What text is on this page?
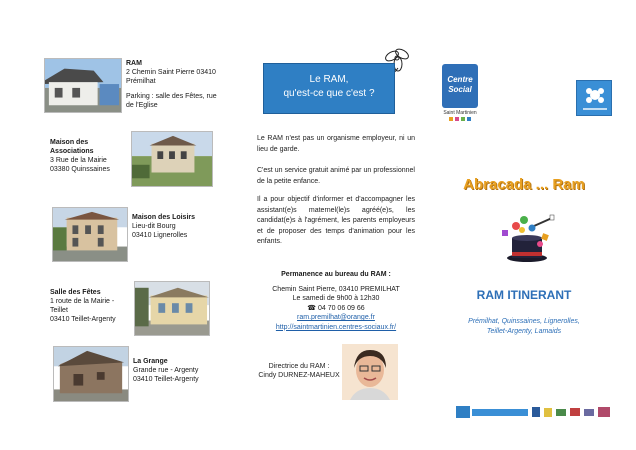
RAM
2 Chemin Saint Pierre 03410
Prémilhat
Parking : salle des Fêtes, rue
de l'Eglise
Maison des
Associations
3 Rue de la Mairie
03380 Quinssaines
Maison des Loisirs
Lieu-dit Bourg
03410 Lignerolles
Salle des Fêtes
1 route de la Mairie -
Teillet
03410 Teillet-Argenty
La Grange
Grande rue - Argenty
03410 Teillet-Argenty
Le RAM,
qu'est-ce que c'est ?
Le RAM n'est pas un organisme employeur, ni un lieu de garde.
C'est un service gratuit animé par un professionnel de la petite enfance.
Il a pour objectif d'informer et d'accompagner les assistant(e)s maternel(le)s agréé(e)s, les candidat(e)s à l'agrément, les parents employeurs et de proposer des temps d'animation pour les enfants.
Permanence au bureau du RAM :
Chemin Saint Pierre, 03410 PREMILHAT
Le samedi de 9h00 à 12h30
☎ 04 70 06 09 66
ram.premilhat@orange.fr
http://saintmartinien.centres-sociaux.fr/
Directrice du RAM :
Cindy DURNEZ-MAHEUX
Centre
Social
Saint Martinien
Abracada ... Ram
RAM ITINERANT
Prémilhat, Quinssaines, Lignerolles,
Teillet-Argenty, Lamaids
